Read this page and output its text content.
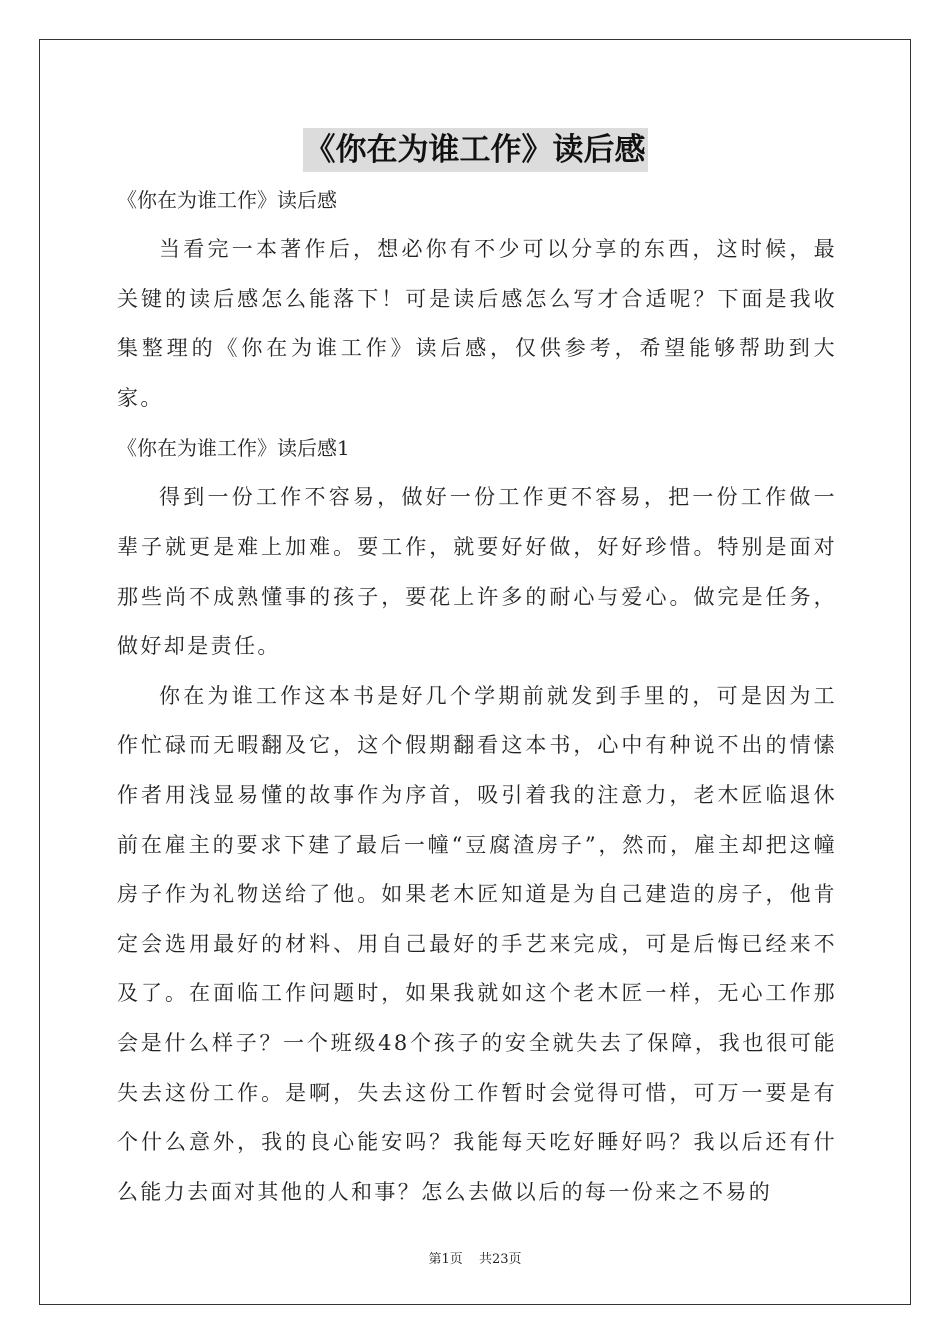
《你在为谁工作》读后感

《你在为谁工作》读后感

当看完一本著作后，想必你有不少可以分享的东西，这时候，最关键的读后感怎么能落下！可是读后感怎么写才合适呢？下面是我收集整理的《你在为谁工作》读后感，仅供参考，希望能够帮助到大家。

《你在为谁工作》读后感1

得到一份工作不容易，做好一份工作更不容易，把一份工作做一辈子就更是难上加难。要工作，就要好好做，好好珍惜。特别是面对那些尚不成熟懂事的孩子，要花上许多的耐心与爱心。做完是任务，做好却是责任。

你在为谁工作这本书是好几个学期前就发到手里的，可是因为工作忙碌而无暇翻及它，这个假期翻看这本书，心中有种说不出的情愫作者用浅显易懂的故事作为序首，吸引着我的注意力，老木匠临退休前在雇主的要求下建了最后一幢“豆腐渣房子”，然而，雇主却把这幢房子作为礼物送给了他。如果老木匠知道是为自己建造的房子，他肯定会选用最好的材料、用自己最好的手艺来完成，可是后悔已经来不及了。在面临工作问题时，如果我就如这个老木匠一样，无心工作那会是什么样子？一个班级48个孩子的安全就失去了保障，我也很可能失去这份工作。是啊，失去这份工作暂时会觉得可惜，可万一要是有个什么意外，我的良心能安吗？我能每天吃好睡好吗？我以后还有什么能力去面对其他的人和事？怎么去做以后的每一份来之不易的

第1页 共23页
